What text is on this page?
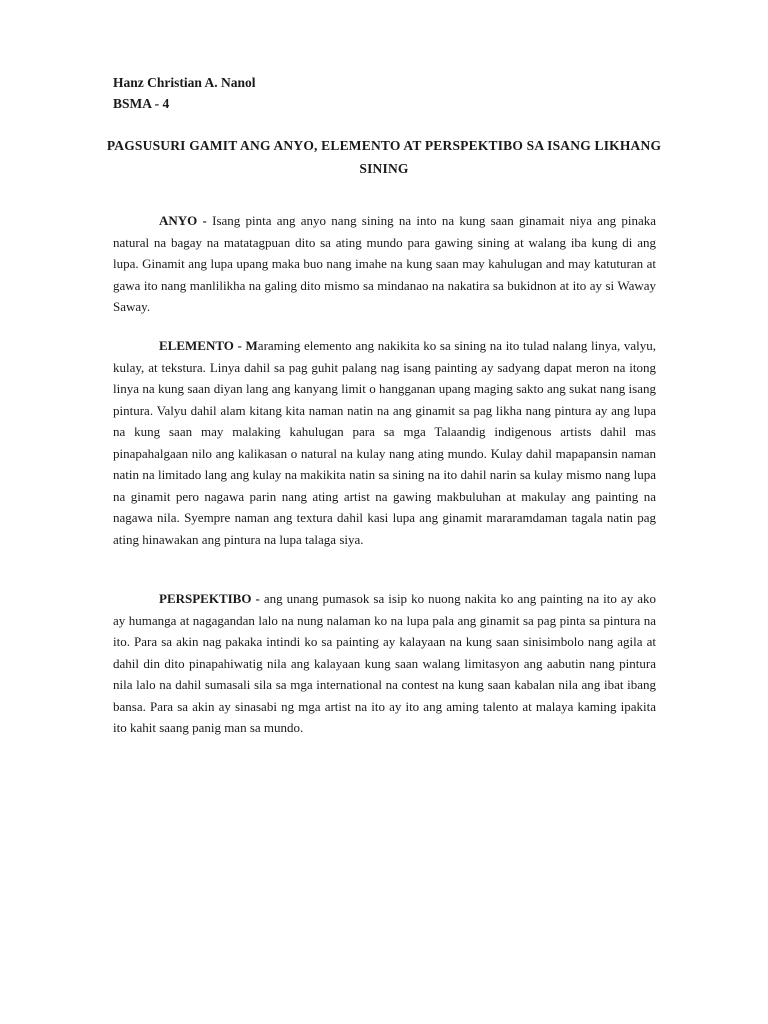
Hanz Christian A. Nanol
BSMA - 4
PAGSUSURI GAMIT ANG ANYO, ELEMENTO AT PERSPEKTIBO SA ISANG LIKHANG SINING

ANYO - Isang pinta ang anyo nang sining na into na kung saan ginamait niya ang pinaka natural na bagay na matatagpuan dito sa ating mundo para gawing sining at walang iba kung di ang lupa. Ginamit ang lupa upang maka buo nang imahe na kung saan may kahulugan and may katuturan at gawa ito nang manlilikha na galing dito mismo sa mindanao na nakatira sa bukidnon at ito ay si Waway Saway.

ELEMENTO - Maraming elemento ang nakikita ko sa sining na ito tulad nalang linya, valyu, kulay, at tekstura. Linya dahil sa pag guhit palang nag isang painting ay sadyang dapat meron na itong linya na kung saan diyan lang ang kanyang limit o hangganan upang maging sakto ang sukat nang isang pintura. Valyu dahil alam kitang kita naman natin na ang ginamit sa pag likha nang pintura ay ang lupa na kung saan may malaking kahulugan para sa mga Talaandig indigenous artists dahil mas pinapahalgaan nilo ang kalikasan o natural na kulay nang ating mundo. Kulay dahil mapapansin naman natin na limitado lang ang kulay na makikita natin sa sining na ito dahil narin sa kulay mismo nang lupa na ginamit pero nagawa parin nang ating artist na gawing makbuluhan at makulay ang painting na nagawa nila. Syempre naman ang textura dahil kasi lupa ang ginamit mararamdaman tagala natin pag ating hinawakan ang pintura na lupa talaga siya.

PERSPEKTIBO - ang unang pumasok sa isip ko nuong nakita ko ang painting na ito ay ako ay humanga at nagagandan lalo na nung nalaman ko na lupa pala ang ginamit sa pag pinta sa pintura na ito. Para sa akin nag pakaka intindi ko sa painting ay kalayaan na kung saan sinisimbolo nang agila at dahil din dito pinapahiwatig nila ang kalayaan kung saan walang limitasyon ang aabutin nang pintura nila lalo na dahil sumasali sila sa mga international na contest na kung saan kabalan nila ang ibat ibang bansa. Para sa akin ay sinasabi ng mga artist na ito ay ito ang aming talento at malaya kaming ipakita ito kahit saang panig man sa mundo.
